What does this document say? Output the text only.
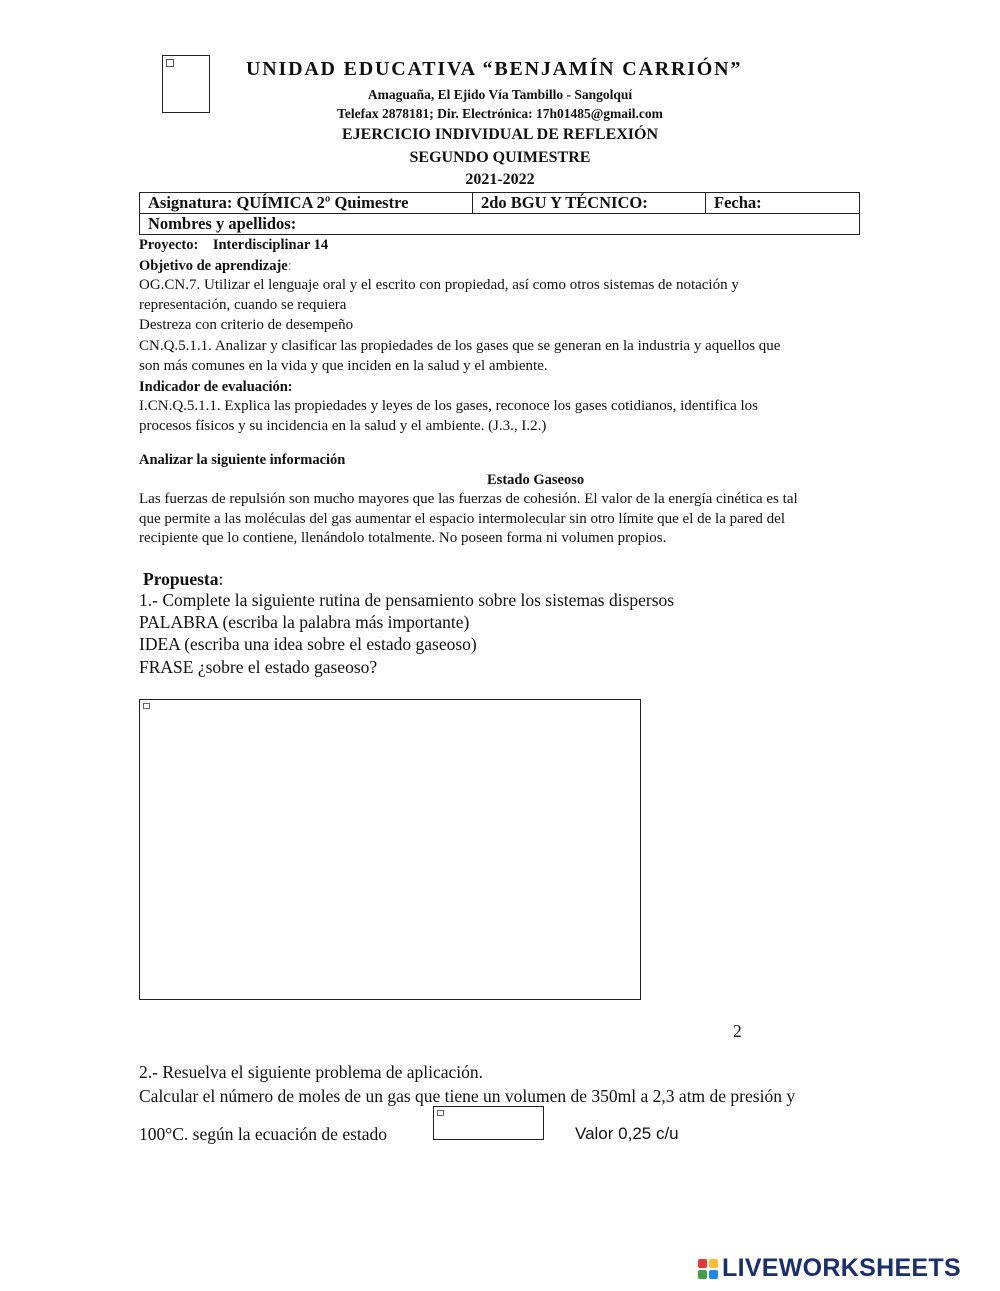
UNIDAD EDUCATIVA “BENJAMÍN CARRIÓN”
Amaguaña, El Ejido Vía Tambillo - Sangolquí
Telefax 2878181; Dir. Electrónica: 17h01485@gmail.com
EJERCICIO INDIVIDUAL DE REFLEXIÓN
SEGUNDO QUIMESTRE
2021-2022
Asignatura: QUÍMICA 2º Quimestre	2do BGU Y TÉCNICO:	Fecha:
Nombres y apellidos:
Proyecto: Interdisciplinar 14
Objetivo de aprendizaje:
OG.CN.7. Utilizar el lenguaje oral y el escrito con propiedad, así como otros sistemas de notación y
representación, cuando se requiera
Destreza con criterio de desempeño
CN.Q.5.1.1. Analizar y clasificar las propiedades de los gases que se generan en la industria y aquellos que
son más comunes en la vida y que inciden en la salud y el ambiente.
Indicador de evaluación:
I.CN.Q.5.1.1. Explica las propiedades y leyes de los gases, reconoce los gases cotidianos, identifica los
procesos físicos y su incidencia en la salud y el ambiente. (J.3., I.2.)
Analizar la siguiente información
Estado Gaseoso
Las fuerzas de repulsión son mucho mayores que las fuerzas de cohesión. El valor de la energía cinética es tal
que permite a las moléculas del gas aumentar el espacio intermolecular sin otro límite que el de la pared del
recipiente que lo contiene, llenándolo totalmente. No poseen forma ni volumen propios.
Propuesta:
1.- Complete la siguiente rutina de pensamiento sobre los sistemas dispersos
PALABRA (escriba la palabra más importante)
IDEA (escriba una idea sobre el estado gaseoso)
FRASE ¿sobre el estado gaseoso?
2
2.- Resuelva el siguiente problema de aplicación.
Calcular el número de moles de un gas que tiene un volumen de 350ml a 2,3 atm de presión y
100°C. según la ecuación de estado	Valor 0,25 c/u
LIVEWORKSHEETS
